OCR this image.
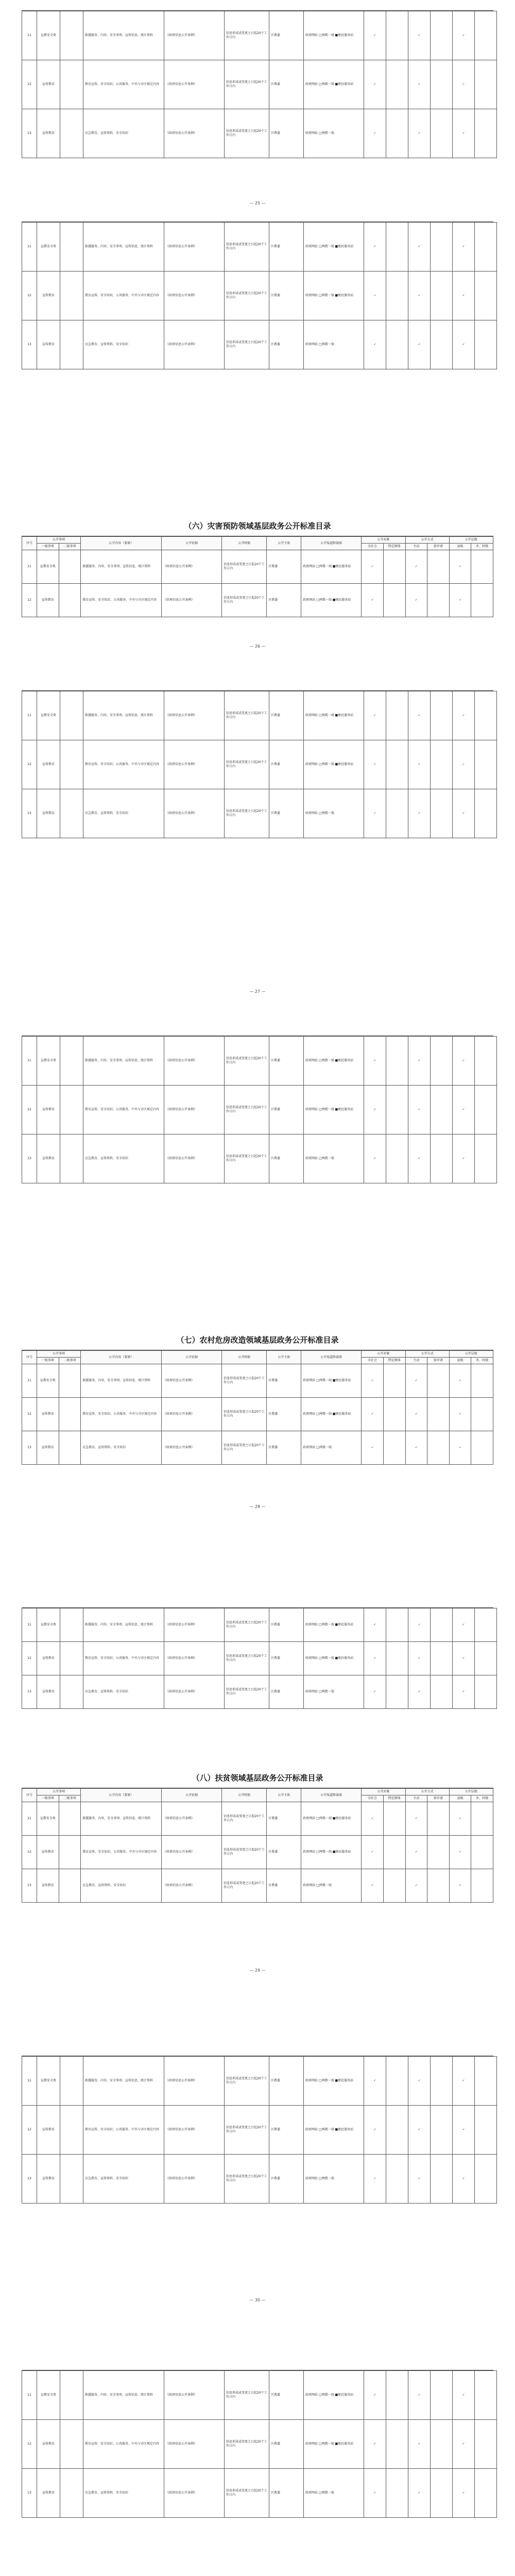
11	宣教安全类		救援服务、内容、安全事项、宣传信息、统计资料	《政府信息公开条例》	信息形成或变更之日起20个工作日内	区教委	政府网站 □两微一端 ■便民服务站	✓		✓		✓	
12	宣传教育		教育宣传、安全知识、公共服务、中央与市区规定内容	《政府信息公开条例》	信息形成或变更之日起20个工作日内	区教委	政府网站 □两微一端 ■便民服务站	✓		✓		✓	
13	宣传教育		应急教育、宣传资料、安全知识	《政府信息公开条例》	信息形成或变更之日起20个工作日内	区教委	政府网站 □两微一端	✓		✓		✓	
— 25 —
11	宣教安全类		救援服务、内容、安全事项、宣传信息、统计资料	《政府信息公开条例》	信息形成或变更之日起20个工作日内	区教委	政府网站 □两微一端 ■便民服务站	✓		✓		✓	
12	宣传教育		教育宣传、安全知识、公共服务、中央与市区规定内容	《政府信息公开条例》	信息形成或变更之日起20个工作日内	区教委	政府网站 □两微一端 ■便民服务站	✓		✓		✓	
13	宣传教育		应急教育、宣传资料、安全知识	《政府信息公开条例》	信息形成或变更之日起20个工作日内	区教委	政府网站 □两微一端	✓		✓		✓	
（六）灾害预防领域基层政务公开标准目录
序号	公开事项		公开内容（要素）	公开依据	公开时限	公开主体	公开渠道和载体	公开对象		公开方式		公开层级	
	一级事项	二级事项						全社会	特定群体	主动	依申请	县级	乡、村级
11	宣教安全类		救援服务、内容、安全事项、宣传信息、统计资料	《政府信息公开条例》	信息形成或变更之日起20个工作日内	区教委	政府网站 □两微一端 ■便民服务站	✓		✓		✓	
12	宣传教育		教育宣传、安全知识、公共服务、中央与市区规定内容	《政府信息公开条例》	信息形成或变更之日起20个工作日内	区教委	政府网站 □两微一端 ■便民服务站	✓		✓		✓	
— 26 —
11	宣教安全类		救援服务、内容、安全事项、宣传信息、统计资料	《政府信息公开条例》	信息形成或变更之日起20个工作日内	区教委	政府网站 □两微一端 ■便民服务站	✓		✓		✓	
12	宣传教育		教育宣传、安全知识、公共服务、中央与市区规定内容	《政府信息公开条例》	信息形成或变更之日起20个工作日内	区教委	政府网站 □两微一端 ■便民服务站	✓		✓		✓	
13	宣传教育		应急教育、宣传资料、安全知识	《政府信息公开条例》	信息形成或变更之日起20个工作日内	区教委	政府网站 □两微一端	✓		✓		✓	
— 27 —
11	宣教安全类		救援服务、内容、安全事项、宣传信息、统计资料	《政府信息公开条例》	信息形成或变更之日起20个工作日内	区教委	政府网站 □两微一端 ■便民服务站	✓		✓		✓	
12	宣传教育		教育宣传、安全知识、公共服务、中央与市区规定内容	《政府信息公开条例》	信息形成或变更之日起20个工作日内	区教委	政府网站 □两微一端 ■便民服务站	✓		✓		✓	
13	宣传教育		应急教育、宣传资料、安全知识	《政府信息公开条例》	信息形成或变更之日起20个工作日内	区教委	政府网站 □两微一端	✓		✓		✓	
（七）农村危房改造领域基层政务公开标准目录
序号	公开事项		公开内容（要素）	公开依据	公开时限	公开主体	公开渠道和载体	公开对象		公开方式		公开层级	
	一级事项	二级事项						全社会	特定群体	主动	依申请	县级	乡、村级
11	宣教安全类		救援服务、内容、安全事项、宣传信息、统计资料	《政府信息公开条例》	信息形成或变更之日起20个工作日内	区教委	政府网站 □两微一端 ■便民服务站	✓		✓		✓	
12	宣传教育		教育宣传、安全知识、公共服务、中央与市区规定内容	《政府信息公开条例》	信息形成或变更之日起20个工作日内	区教委	政府网站 □两微一端 ■便民服务站	✓		✓		✓	
13	宣传教育		应急教育、宣传资料、安全知识	《政府信息公开条例》	信息形成或变更之日起20个工作日内	区教委	政府网站 □两微一端	✓		✓		✓	
— 28 —
11	宣教安全类		救援服务、内容、安全事项、宣传信息、统计资料	《政府信息公开条例》	信息形成或变更之日起20个工作日内	区教委	政府网站 □两微一端 ■便民服务站	✓		✓		✓	
12	宣传教育		教育宣传、安全知识、公共服务、中央与市区规定内容	《政府信息公开条例》	信息形成或变更之日起20个工作日内	区教委	政府网站 □两微一端 ■便民服务站	✓		✓		✓	
13	宣传教育		应急教育、宣传资料、安全知识	《政府信息公开条例》	信息形成或变更之日起20个工作日内	区教委	政府网站 □两微一端	✓		✓		✓	
（八）扶贫领域基层政务公开标准目录
序号	公开事项		公开内容（要素）	公开依据	公开时限	公开主体	公开渠道和载体	公开对象		公开方式		公开层级	
	一级事项	二级事项						全社会	特定群体	主动	依申请	县级	乡、村级
11	宣教安全类		救援服务、内容、安全事项、宣传信息、统计资料	《政府信息公开条例》	信息形成或变更之日起20个工作日内	区教委	政府网站 □两微一端 ■便民服务站	✓		✓		✓	
12	宣传教育		教育宣传、安全知识、公共服务、中央与市区规定内容	《政府信息公开条例》	信息形成或变更之日起20个工作日内	区教委	政府网站 □两微一端 ■便民服务站	✓		✓		✓	
13	宣传教育		应急教育、宣传资料、安全知识	《政府信息公开条例》	信息形成或变更之日起20个工作日内	区教委	政府网站 □两微一端	✓		✓		✓	
— 29 —
11	宣教安全类		救援服务、内容、安全事项、宣传信息、统计资料	《政府信息公开条例》	信息形成或变更之日起20个工作日内	区教委	政府网站 □两微一端 ■便民服务站	✓		✓		✓	
12	宣传教育		教育宣传、安全知识、公共服务、中央与市区规定内容	《政府信息公开条例》	信息形成或变更之日起20个工作日内	区教委	政府网站 □两微一端 ■便民服务站	✓		✓		✓	
13	宣传教育		应急教育、宣传资料、安全知识	《政府信息公开条例》	信息形成或变更之日起20个工作日内	区教委	政府网站 □两微一端	✓		✓		✓	
— 30 —
11	宣教安全类		救援服务、内容、安全事项、宣传信息、统计资料	《政府信息公开条例》	信息形成或变更之日起20个工作日内	区教委	政府网站 □两微一端 ■便民服务站	✓		✓		✓	
12	宣传教育		教育宣传、安全知识、公共服务、中央与市区规定内容	《政府信息公开条例》	信息形成或变更之日起20个工作日内	区教委	政府网站 □两微一端 ■便民服务站	✓		✓		✓	
13	宣传教育		应急教育、宣传资料、安全知识	《政府信息公开条例》	信息形成或变更之日起20个工作日内	区教委	政府网站 □两微一端	✓		✓		✓	
